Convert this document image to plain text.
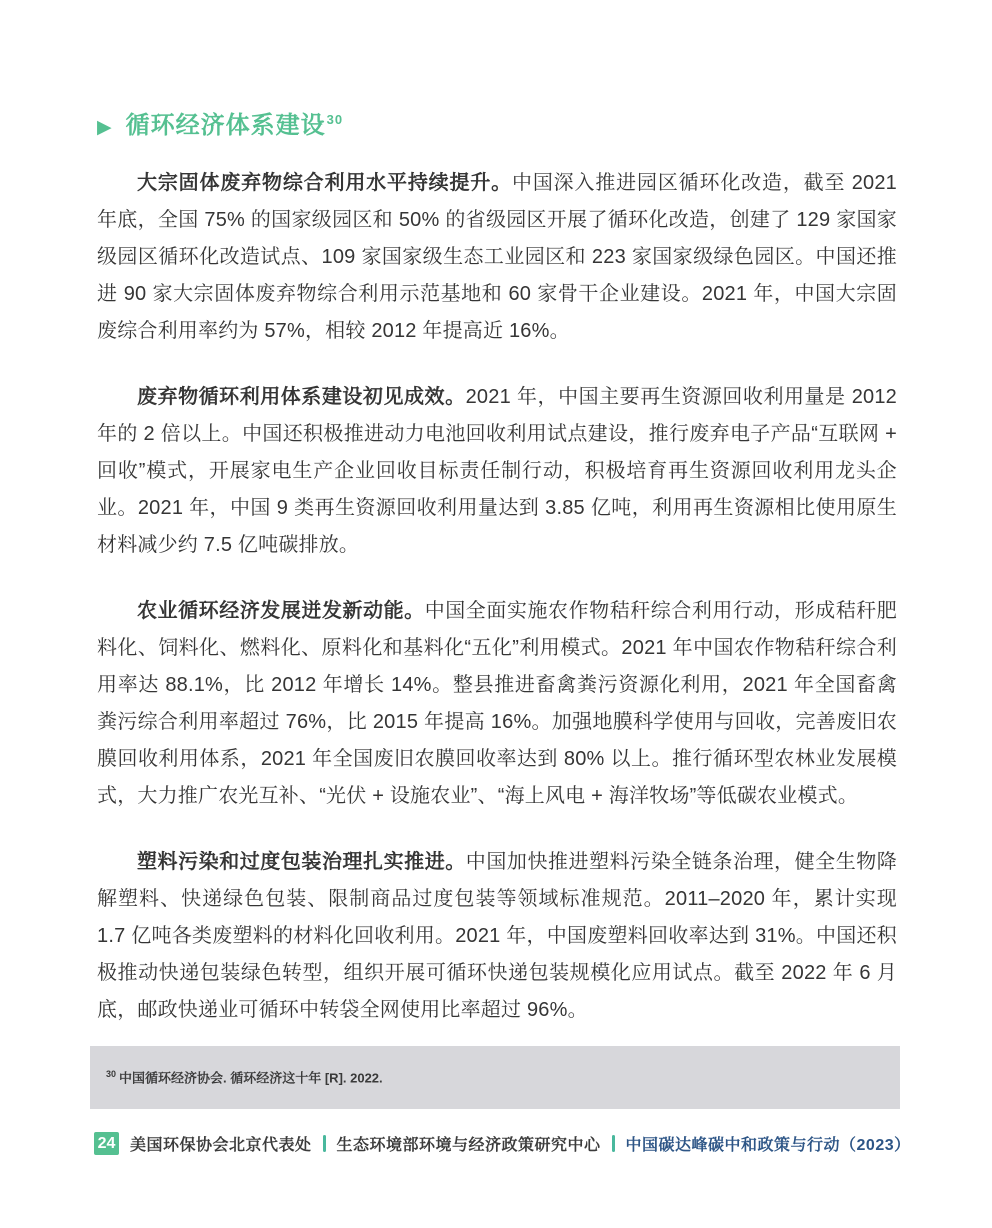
▶ 循环经济体系建设$^{30}$

大宗固体废弃物综合利用水平持续提升。中国深入推进园区循环化改造，截至 2021 年底，全国 75% 的国家级园区和 50% 的省级园区开展了循环化改造，创建了 129 家国家级园区循环化改造试点、109 家国家级生态工业园区和 223 家国家级绿色园区。中国还推进 90 家大宗固体废弃物综合利用示范基地和 60 家骨干企业建设。2021 年，中国大宗固废综合利用率约为 57%，相较 2012 年提高近 16%。

废弃物循环利用体系建设初见成效。2021 年，中国主要再生资源回收利用量是 2012 年的 2 倍以上。中国还积极推进动力电池回收利用试点建设，推行废弃电子产品“互联网 + 回收”模式，开展家电生产企业回收目标责任制行动，积极培育再生资源回收利用龙头企业。2021 年，中国 9 类再生资源回收利用量达到 3.85 亿吨，利用再生资源相比使用原生材料减少约 7.5 亿吨碳排放。

农业循环经济发展迸发新动能。中国全面实施农作物秸秆综合利用行动，形成秸秆肥料化、饲料化、燃料化、原料化和基料化“五化”利用模式。2021 年中国农作物秸秆综合利用率达 88.1%，比 2012 年增长 14%。整县推进畜禽粪污资源化利用，2021 年全国畜禽粪污综合利用率超过 76%，比 2015 年提高 16%。加强地膜科学使用与回收，完善废旧农膜回收利用体系，2021 年全国废旧农膜回收率达到 80% 以上。推行循环型农林业发展模式，大力推广农光互补、“光伏 + 设施农业”、“海上风电 + 海洋牧场”等低碳农业模式。

塑料污染和过度包装治理扎实推进。中国加快推进塑料污染全链条治理，健全生物降解塑料、快递绿色包装、限制商品过度包装等领域标准规范。2011–2020 年，累计实现 1.7 亿吨各类废塑料的材料化回收利用。2021 年，中国废塑料回收率达到 31%。中国还积极推动快递包装绿色转型，组织开展可循环快递包装规模化应用试点。截至 2022 年 6 月底，邮政快递业可循环中转袋全网使用比率超过 96%。

$^{30}$ 中国循环经济协会. 循环经济这十年 [R]. 2022.

24 美国环保协会北京代表处 生态环境部环境与经济政策研究中心 中国碳达峰碳中和政策与行动（2023）
